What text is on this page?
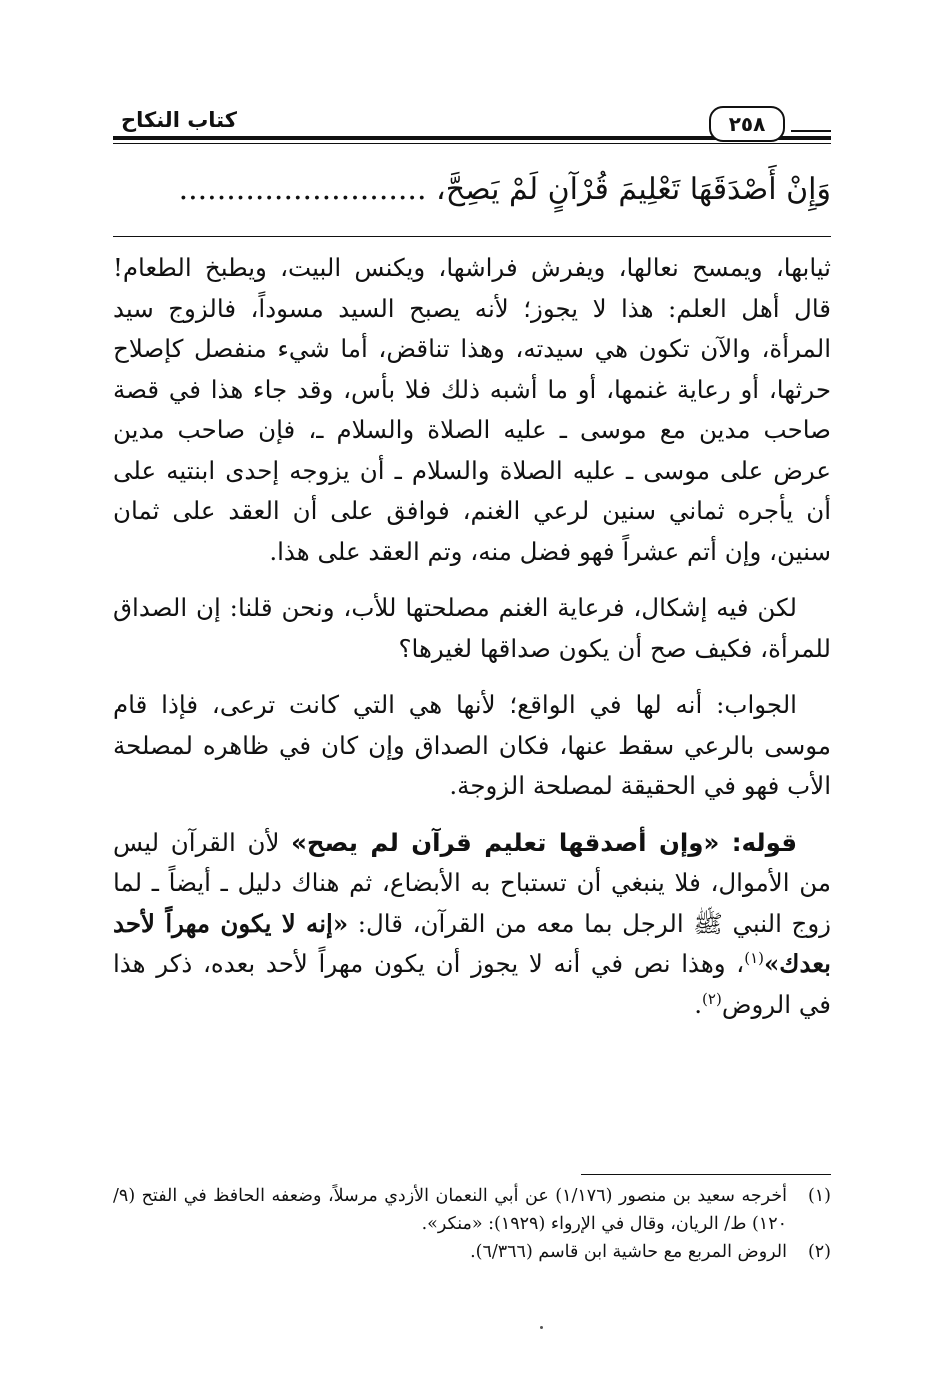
كتاب النكاح	٢٥٨
وَإِنْ أَصْدَقَهَا تَعْلِيمَ قُرْآنٍ لَمْ يَصِحَّ، ..........................

ثيابها، ويمسح نعالها، ويفرش فراشها، ويكنس البيت، ويطبخ الطعام! قال أهل العلم: هذا لا يجوز؛ لأنه يصبح السيد مسوداً، فالزوج سيد المرأة، والآن تكون هي سيدته، وهذا تناقض، أما شيء منفصل كإصلاح حرثها، أو رعاية غنمها، أو ما أشبه ذلك فلا بأس، وقد جاء هذا في قصة صاحب مدين مع موسى ـ عليه الصلاة والسلام ـ، فإن صاحب مدين عرض على موسى ـ عليه الصلاة والسلام ـ أن يزوجه إحدى ابنتيه على أن يأجره ثماني سنين لرعي الغنم، فوافق على أن العقد على ثمان سنين، وإن أتم عشراً فهو فضل منه، وتم العقد على هذا.

لكن فيه إشكال، فرعاية الغنم مصلحتها للأب، ونحن قلنا: إن الصداق للمرأة، فكيف صح أن يكون صداقها لغيرها؟

الجواب: أنه لها في الواقع؛ لأنها هي التي كانت ترعى، فإذا قام موسى بالرعي سقط عنها، فكان الصداق وإن كان في ظاهره لمصلحة الأب فهو في الحقيقة لمصلحة الزوجة.

قوله: «وإن أصدقها تعليم قرآن لم يصح» لأن القرآن ليس من الأموال، فلا ينبغي أن تستباح به الأبضاع، ثم هناك دليل ـ أيضاً ـ لما زوج النبي ﷺ الرجل بما معه من القرآن، قال: «إنه لا يكون مهراً لأحد بعدك»$^{(١)}$، وهذا نص في أنه لا يجوز أن يكون مهراً لأحد بعده، ذكر هذا في الروض$^{(٢)}$.

(١)
أخرجه سعيد بن منصور (١/١٧٦) عن أبي النعمان الأزدي مرسلاً، وضعفه الحافظ في الفتح (٩/ ١٢٠) ط/ الريان، وقال في الإرواء (١٩٢٩): «منكر».
(٢)
الروض المربع مع حاشية ابن قاسم (٦/٣٦٦).
